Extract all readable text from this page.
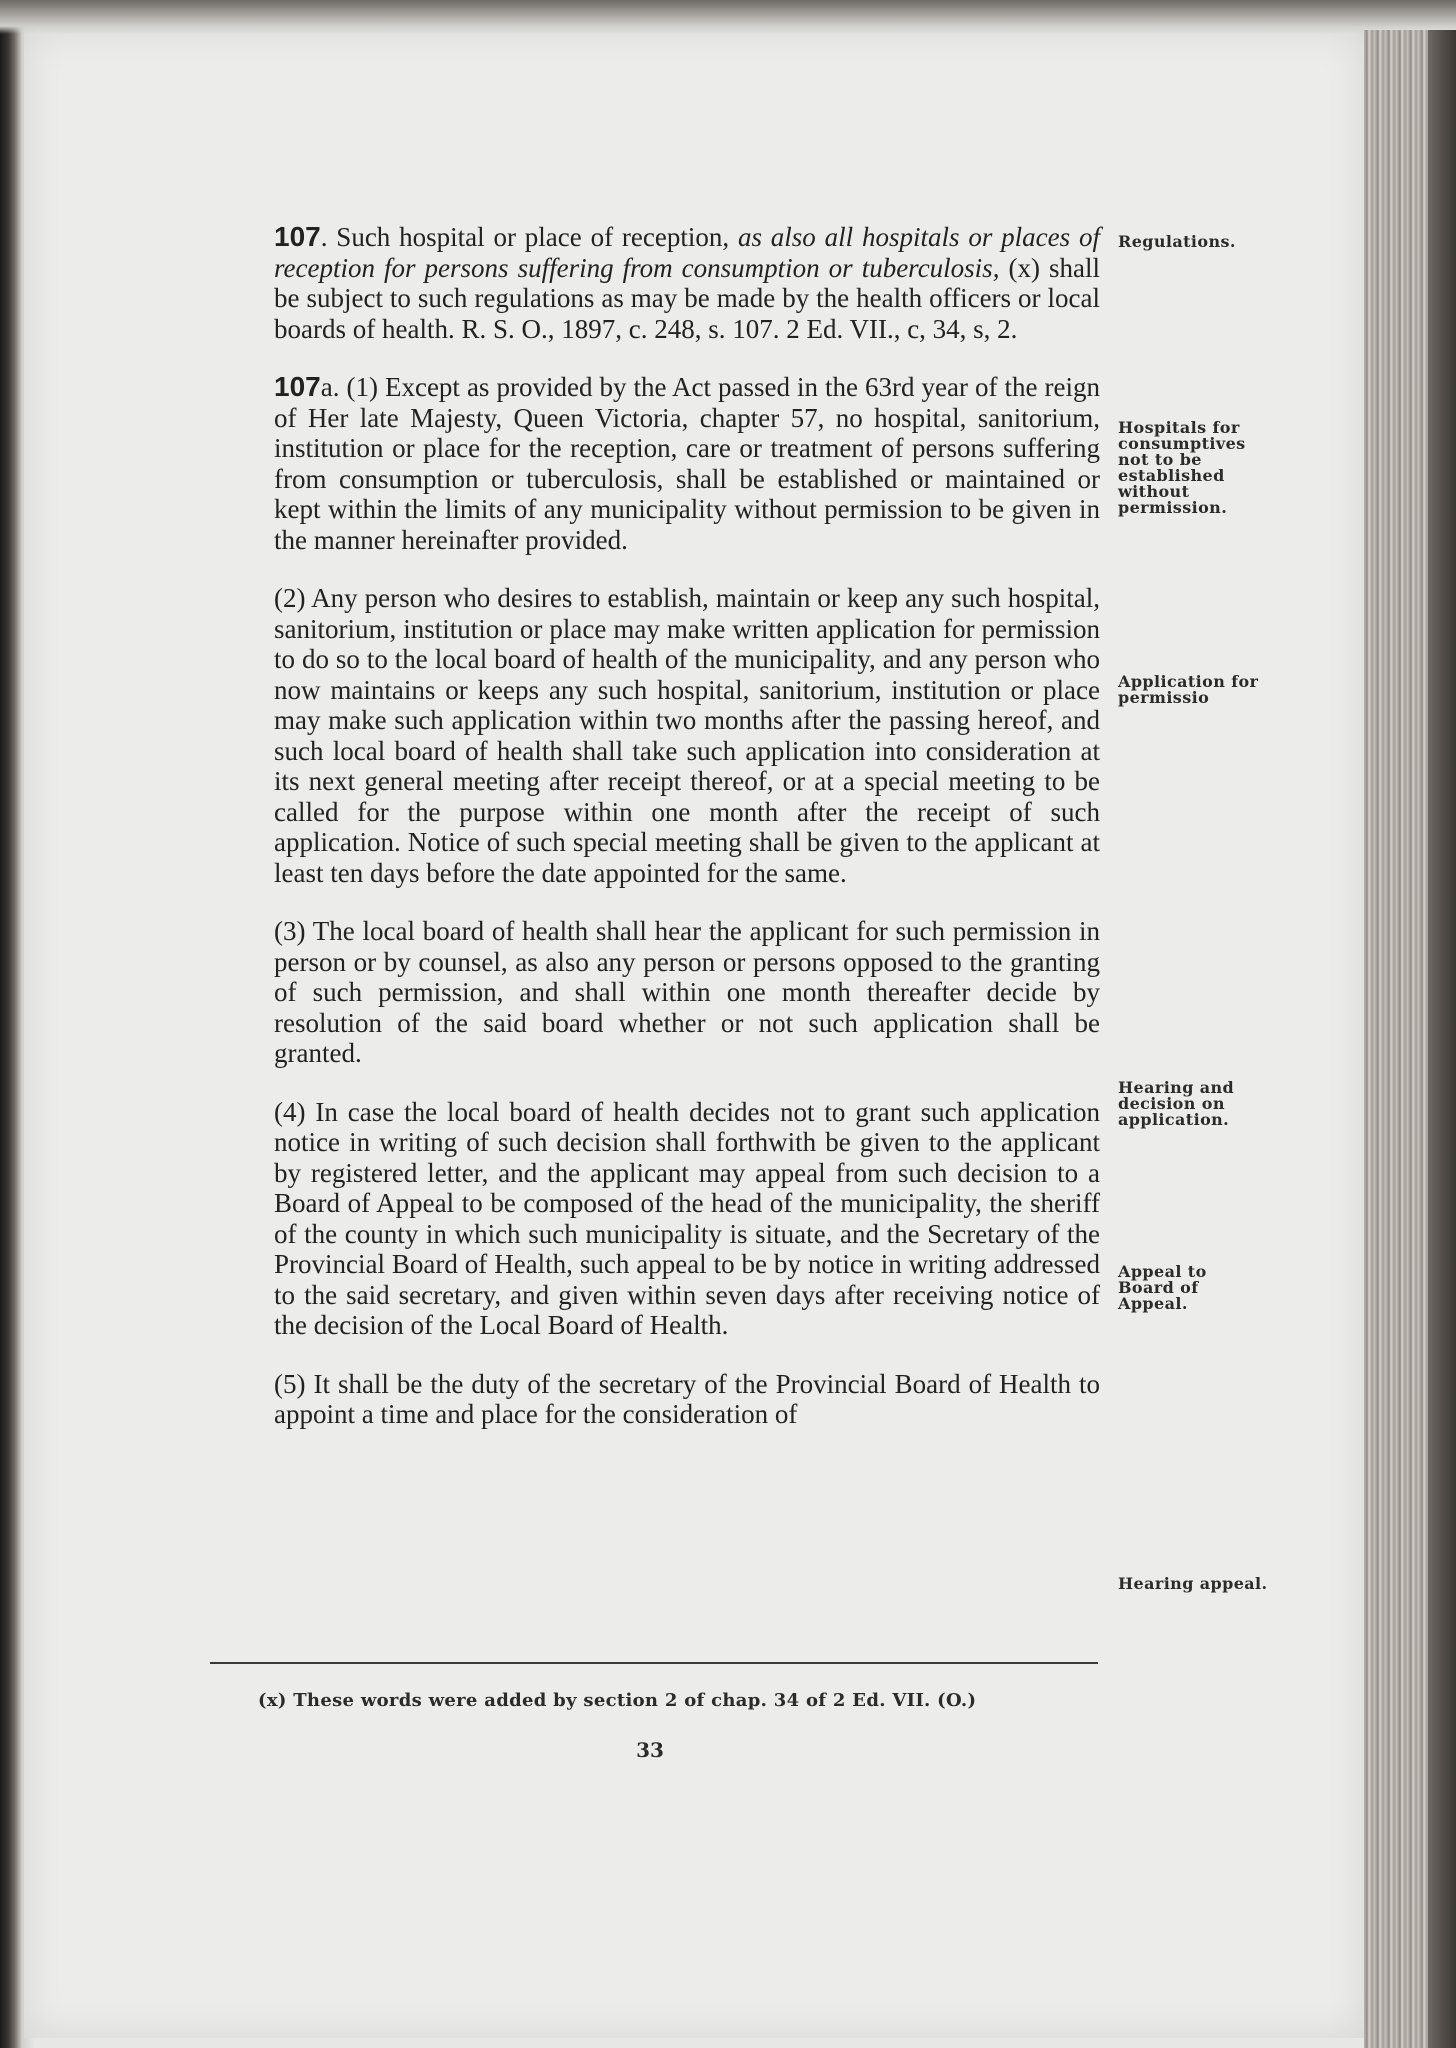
107. Such hospital or place of reception, as also all hospitals or places of reception for persons suffering from consumption or tuberculosis, (x) shall be subject to such regulations as may be made by the health officers or local boards of health. R. S. O., 1897, c. 248, s. 107. 2 Ed. VII., c, 34, s, 2.

107a. (1) Except as provided by the Act passed in the 63rd year of the reign of Her late Majesty, Queen Victoria, chapter 57, no hospital, sanitorium, institution or place for the reception, care or treatment of persons suffering from consumption or tuberculosis, shall be established or maintained or kept within the limits of any municipality without permission to be given in the manner hereinafter provided.

(2) Any person who desires to establish, maintain or keep any such hospital, sanitorium, institution or place may make written application for permission to do so to the local board of health of the municipality, and any person who now maintains or keeps any such hospital, sanitorium, institution or place may make such application within two months after the passing hereof, and such local board of health shall take such application into consideration at its next general meeting after receipt thereof, or at a special meeting to be called for the purpose within one month after the receipt of such application. Notice of such special meeting shall be given to the applicant at least ten days before the date appointed for the same.

(3) The local board of health shall hear the applicant for such permission in person or by counsel, as also any person or persons opposed to the granting of such permission, and shall within one month thereafter decide by resolution of the said board whether or not such application shall be granted.

(4) In case the local board of health decides not to grant such application notice in writing of such decision shall forthwith be given to the applicant by registered letter, and the applicant may appeal from such decision to a Board of Appeal to be composed of the head of the municipality, the sheriff of the county in which such municipality is situate, and the Secretary of the Provincial Board of Health, such appeal to be by notice in writing addressed to the said secretary, and given within seven days after receiving notice of the decision of the Local Board of Health.

(5) It shall be the duty of the secretary of the Provincial Board of Health to appoint a time and place for the consideration of

Regulations.
Hospitals for consumptives not to be established without permission.
Application for permissio
Hearing and decision on application.
Appeal to Board of Appeal.
Hearing appeal.
(x) These words were added by section 2 of chap. 34 of 2 Ed. VII. (O.)
33
